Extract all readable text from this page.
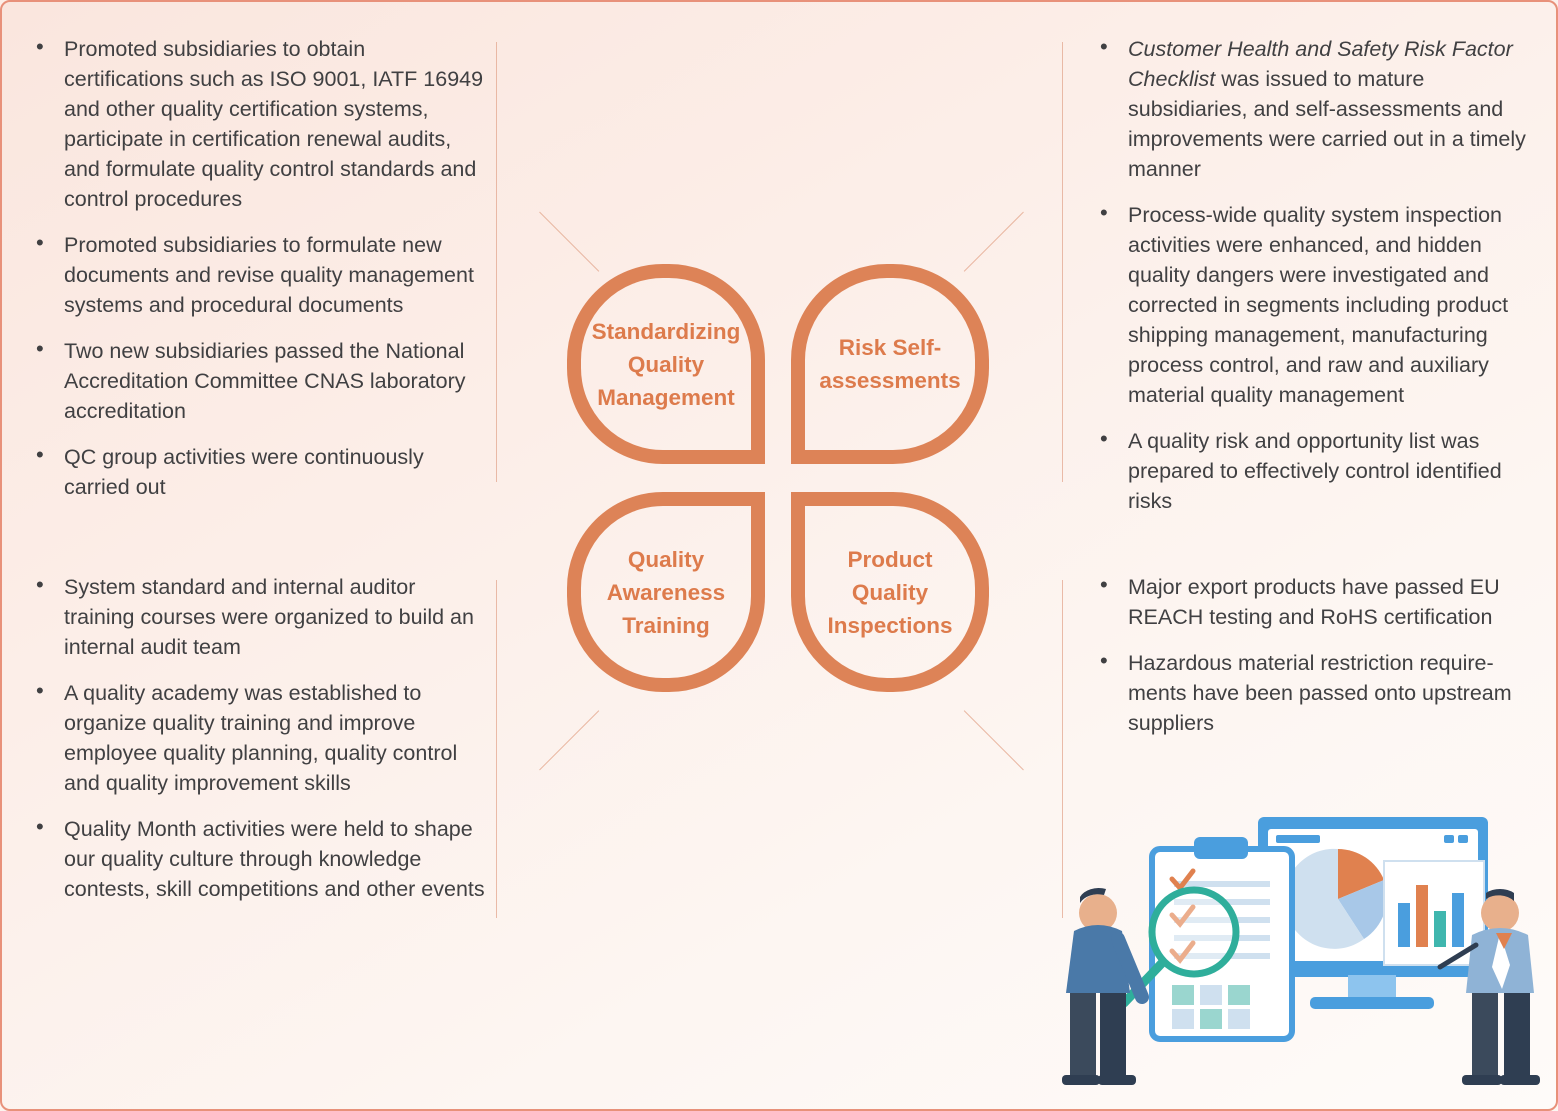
• Promoted subsidiaries to obtain certifications such as ISO 9001, IATF 16949 and other quality certification systems, participate in certification renewal audits, and formulate quality control standards and control procedures
• Promoted subsidiaries to formulate new documents and revise quality management systems and procedural documents
• Two new subsidiaries passed the National Accreditation Committee CNAS laboratory accreditation
• QC group activities were continuously carried out
• System standard and internal auditor training courses were organized to build an internal audit team
• A quality academy was established to organize quality training and improve employee quality planning, quality control and quality improvement skills
• Quality Month activities were held to shape our quality culture through knowledge contests, skill competitions and other events
• Customer Health and Safety Risk Factor Checklist was issued to mature subsidiaries, and self-assessments and improvements were carried out in a timely manner
• Process-wide quality system inspection activities were enhanced, and hidden quality dangers were investigated and corrected in segments including product shipping management, manufacturing process control, and raw and auxiliary material quality management
• A quality risk and opportunity list was prepared to effectively control identified risks
• Major export products have passed EU REACH testing and RoHS certification
• Hazardous material restriction require-ments have been passed onto upstream suppliers
Standardizing Quality Management
Risk Self-assessments
Quality Awareness Training
Product Quality Inspections
